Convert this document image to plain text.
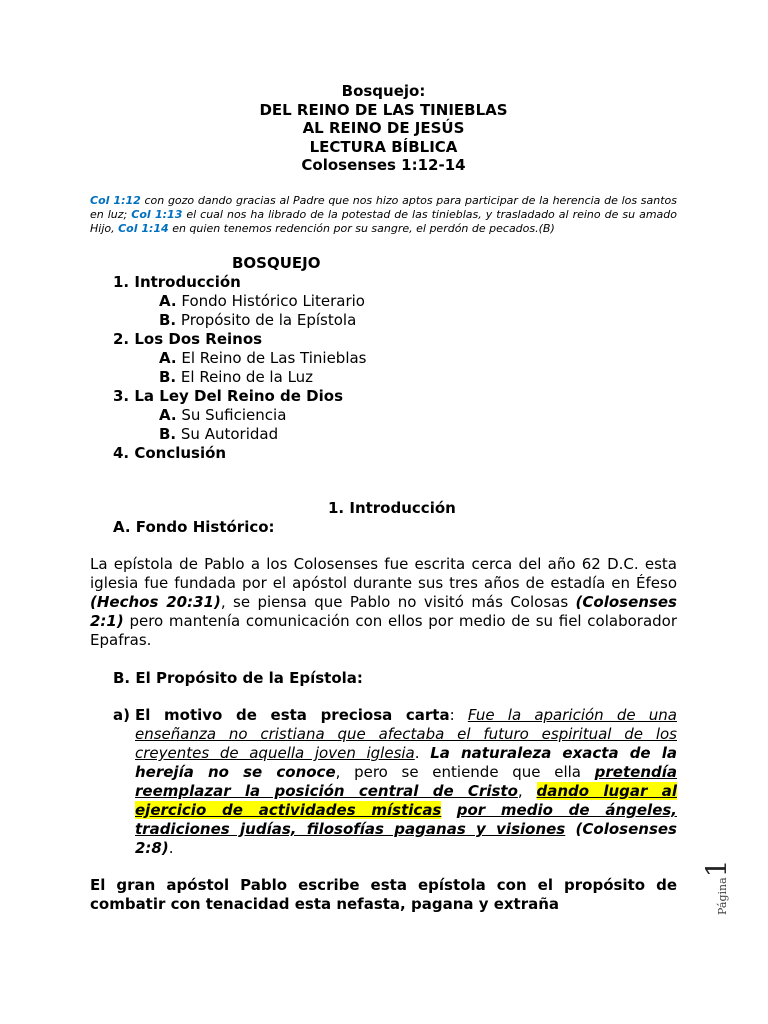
Bosquejo:
DEL REINO DE LAS TINIEBLAS
AL REINO DE JESÚS
LECTURA BÍBLICA
Colosenses 1:12-14
Col 1:12 con gozo dando gracias al Padre que nos hizo aptos para participar de la herencia de los santos en luz; Col 1:13 el cual nos ha librado de la potestad de las tinieblas, y trasladado al reino de su amado Hijo, Col 1:14 en quien tenemos redención por su sangre, el perdón de pecados.(B)
BOSQUEJO
1. Introducción
A. Fondo Histórico Literario
B. Propósito de la Epístola
2. Los Dos Reinos
A. El Reino de Las Tinieblas
B. El Reino de la Luz
3. La Ley Del Reino de Dios
A. Su Suficiencia
B. Su Autoridad
4. Conclusión
1. Introducción
A. Fondo Histórico:
La epístola de Pablo a los Colosenses fue escrita cerca del año 62 D.C. esta iglesia fue fundada por el apóstol durante sus tres años de estadía en Éfeso (Hechos 20:31), se piensa que Pablo no visitó más Colosas (Colosenses 2:1) pero mantenía comunicación con ellos por medio de su fiel colaborador Epafras.
B. El Propósito de la Epístola:
a) El motivo de esta preciosa carta: Fue la aparición de una enseñanza no cristiana que afectaba el futuro espiritual de los creyentes de aquella joven iglesia. La naturaleza exacta de la herejía no se conoce, pero se entiende que ella pretendía reemplazar la posición central de Cristo, dando lugar al ejercicio de actividades místicas por medio de ángeles, tradiciones judías, filosofías paganas y visiones (Colosenses 2:8).
El gran apóstol Pablo escribe esta epístola con el propósito de combatir con tenacidad esta nefasta, pagana y extraña	Página1
